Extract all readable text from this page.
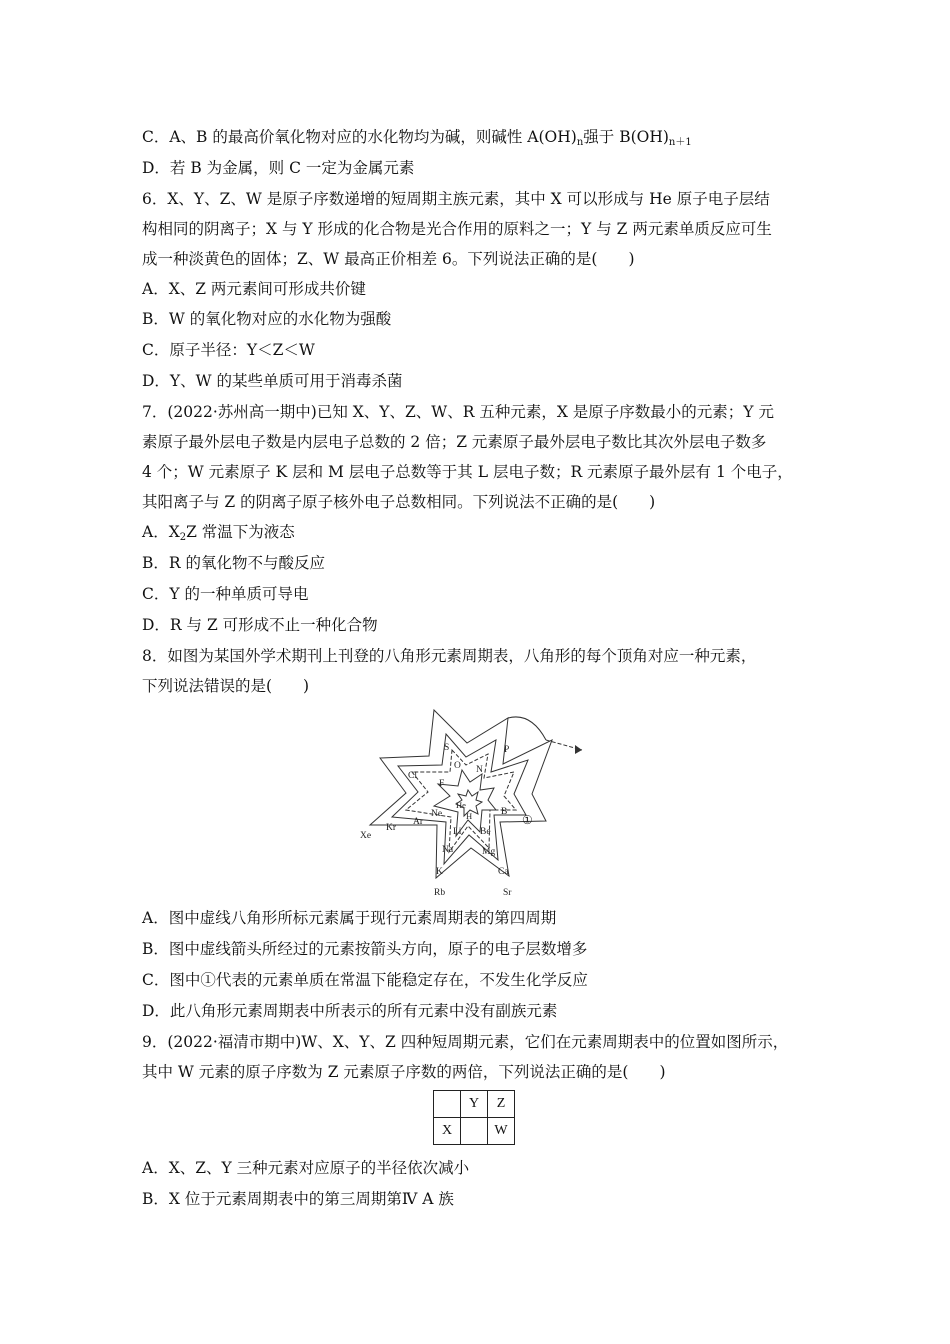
C．A、B 的最高价氧化物对应的水化物均为碱，则碱性 $A(OH)_n$强于 $B(OH)_{n+1}$
D．若 B 为金属，则 C 一定为金属元素
6．X、Y、Z、W 是原子序数递增的短周期主族元素，其中 X 可以形成与 He 原子电子层结
构相同的阴离子；X 与 Y 形成的化合物是光合作用的原料之一；Y 与 Z 两元素单质反应可生
成一种淡黄色的固体；Z、W 最高正价相差 6。下列说法正确的是(　　)
A．X、Z 两元素间可形成共价键
B．W 的氧化物对应的水化物为强酸
C．原子半径：Y＜Z＜W
D．Y、W 的某些单质可用于消毒杀菌
7．(2022·苏州高一期中)已知 X、Y、Z、W、R 五种元素，X 是原子序数最小的元素；Y 元
素原子最外层电子数是内层电子总数的 2 倍；Z 元素原子最外层电子数比其次外层电子数多
4 个；W 元素原子 K 层和 M 层电子总数等于其 L 层电子数；R 元素原子最外层有 1 个电子，
其阳离子与 Z 的阴离子原子核外电子总数相同。下列说法不正确的是(　　)
A．$X_2Z$ 常温下为液态
B．R 的氧化物不与酸反应
C．Y 的一种单质可导电
D．R 与 Z 可形成不止一种化合物
8．如图为某国外学术期刊上刊登的八角形元素周期表，八角形的每个顶角对应一种元素，
下列说法错误的是(　　)
Rb	Sr
Xe
P
Kr
Cl
S
K	Ca
Ar
Ne
F
O N
B
Be
Li
Na	Mg
He
H	①
A．图中虚线八角形所标元素属于现行元素周期表的第四周期
B．图中虚线箭头所经过的元素按箭头方向，原子的电子层数增多
C．图中①代表的元素单质在常温下能稳定存在，不发生化学反应
D．此八角形元素周期表中所表示的所有元素中没有副族元素
9．(2022·福清市期中)W、X、Y、Z 四种短周期元素，它们在元素周期表中的位置如图所示，
其中 W 元素的原子序数为 Z 元素原子序数的两倍，下列说法正确的是(　　)
	Y	Z
X		W
A．X、Z、Y 三种元素对应原子的半径依次减小
B．X 位于元素周期表中的第三周期第Ⅳ A 族
